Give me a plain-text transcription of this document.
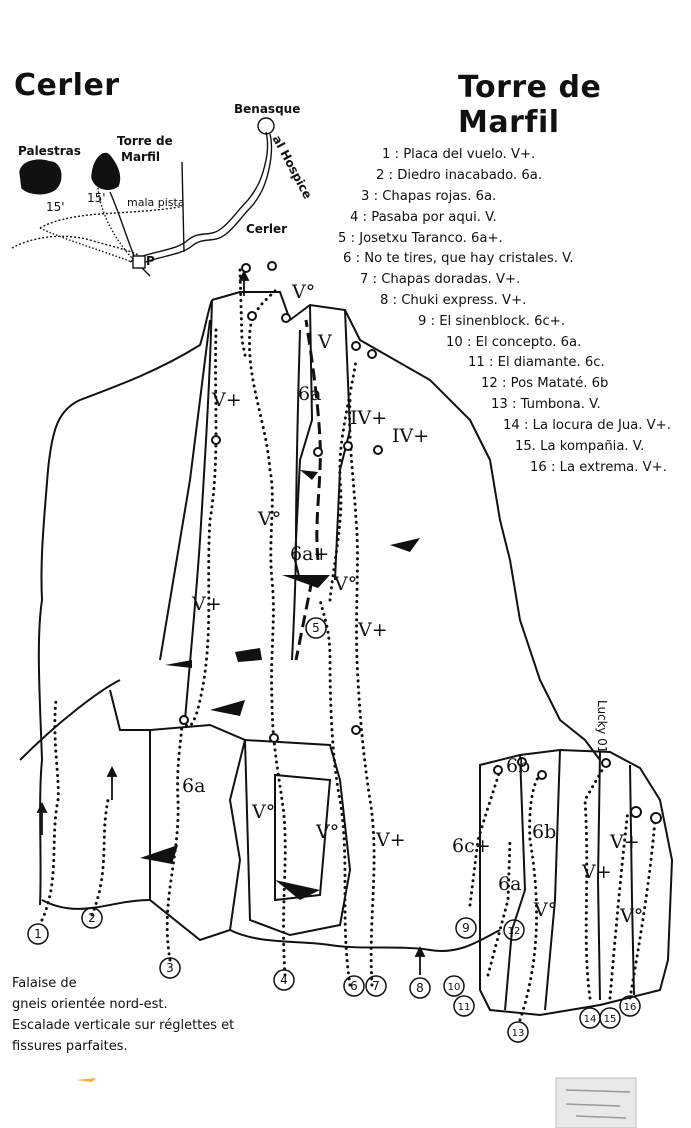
Cerler	Torre de Marfil
Palestras
Torre de
Marfil
15'
15' mala pista
Benasque
al Hospice
Cerler
P
1 : Placa del vuelo. V+.
2 : Diedro inacabado. 6a.
3 : Chapas rojas. 6a.
4 : Pasaba por aqui. V.
5 : Josetxu Taranco. 6a+.
6 : No te tires, que hay cristales. V.
7 : Chapas doradas. V+.
8 : Chuki express. V+.
9 : El sinenblock. 6c+.
10 : El concepto. 6a.
11 : El diamante. 6c.
12 : Pos Mataté. 6b
13 : Tumbona. V.
14 : La locura de Jua. V+.
15. La kompañia. V.
16 : La extrema. V+.
V°
V
6a
IV+
IV+
V+
V°
6a+
V°
V+
V+
6a
V°
V° V+
6b
6c+
6a
6b	V+
V+
V°	V°
1
2
3
4
5
6 7	8
9
10
11
12
13
14 15
16
Lucky 01
Falaise de
gneis orientée nord-est.
Escalade verticale sur réglettes et
fissures parfaites.
